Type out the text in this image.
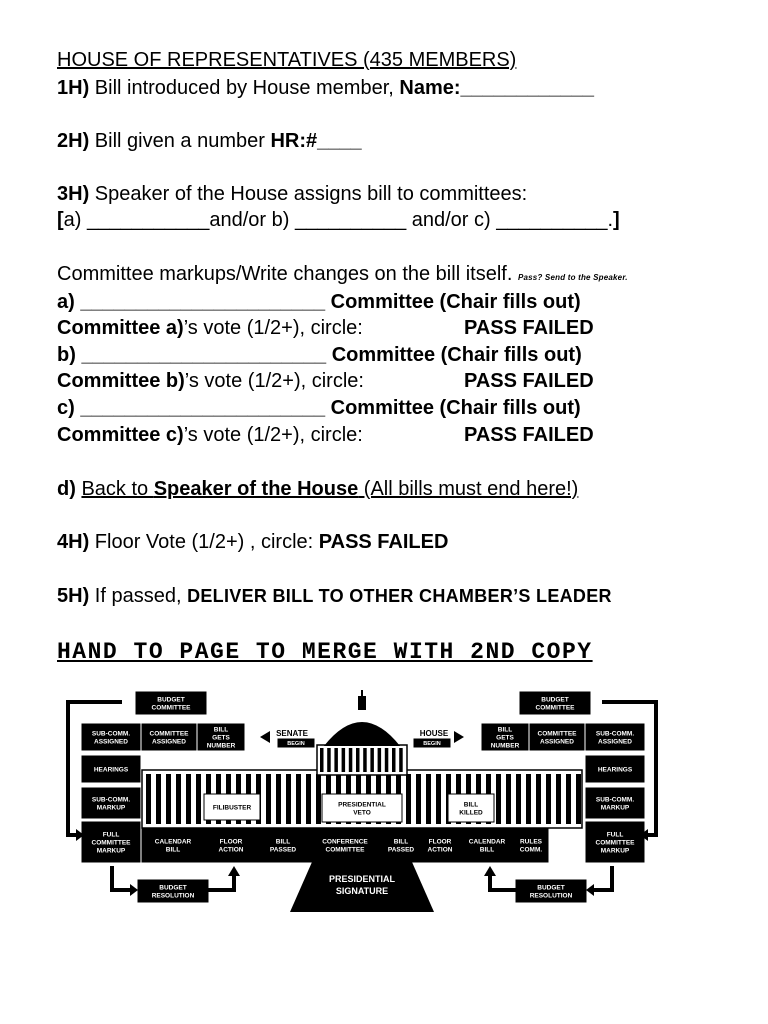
HOUSE OF REPRESENTATIVES (435 MEMBERS)
1H) Bill introduced by House member, Name:____________
2H) Bill given a number HR:#____
3H) Speaker of the House assigns bill to committees:
[a) ___________and/or b) __________ and/or c) __________.]
Committee markups/Write changes on the bill itself. Pass? Send to the Speaker.
a) ______________________ Committee (Chair fills out)
Committee a)’s vote (1/2+), circle:	PASS FAILED
b) ______________________ Committee (Chair fills out)
Committee b)’s vote (1/2+), circle:	PASS FAILED
c) ______________________ Committee (Chair fills out)
Committee c)’s vote (1/2+), circle:	PASS FAILED
d) Back to Speaker of the House (All bills must end here!)
4H) Floor Vote (1/2+) , circle: PASS FAILED
5H) If passed, DELIVER BILL TO OTHER CHAMBER’S LEADER
HAND TO PAGE TO MERGE WITH 2ND COPY
BUDGET
COMMITTEE
BUDGET
COMMITTEE
SENATE
BEGIN
HOUSE
BEGIN
SUB-COMM.
ASSIGNED
HEARINGS
SUB-COMM.
MARKUP
FULL
COMMITTEE
MARKUP
SUB-COMM.
ASSIGNED
HEARINGS
SUB-COMM.
MARKUP
FULL
COMMITTEE
MARKUP
COMMITTEE
ASSIGNED
BILL
GETS
NUMBER
BILL
GETS
NUMBER
COMMITTEE
ASSIGNED
FILIBUSTER	PRESIDENTIAL
VETO
BILL
KILLED
CALENDAR
BILL
FLOOR
ACTION
BILL
PASSED
CONFERENCE
COMMITTEE
BILL
PASSED
FLOOR
ACTION
CALENDAR
BILL
RULES
COMM.
PRESIDENTIAL
SIGNATURE
BUDGET
RESOLUTION
BUDGET
RESOLUTION
